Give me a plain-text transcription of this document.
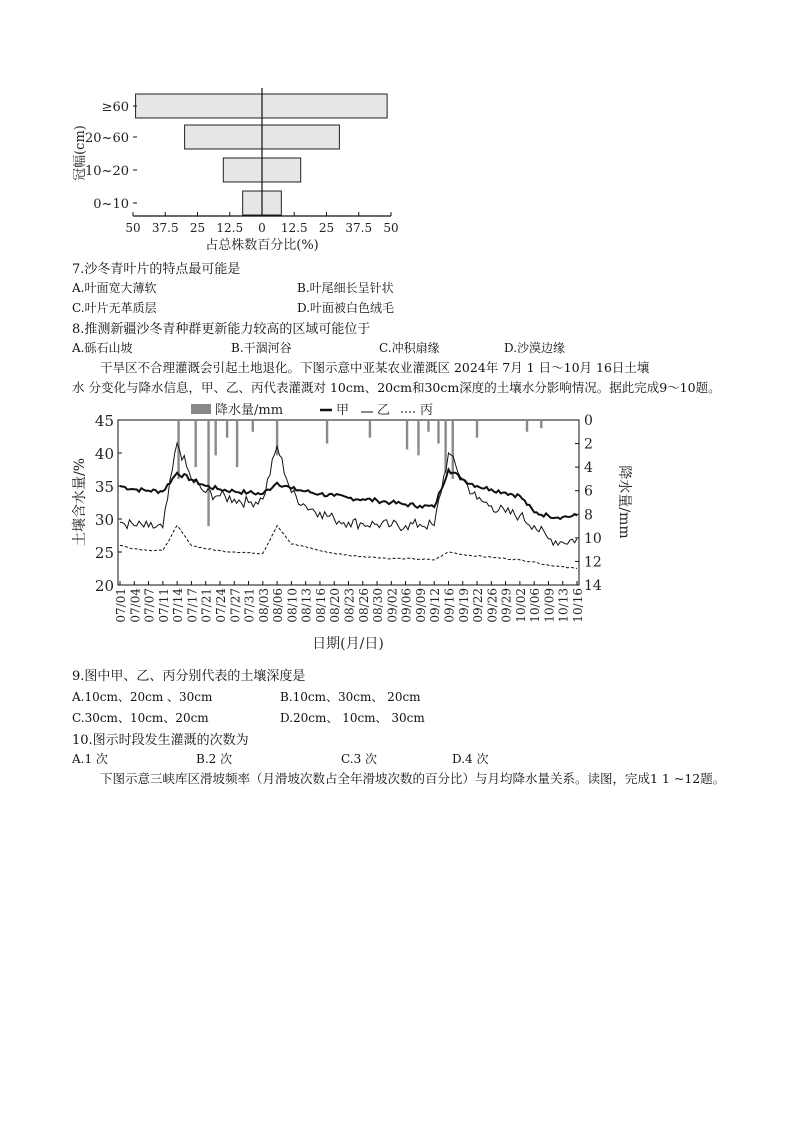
50 37.5 25 12.5 0 12.5 25 37.5 50
≥60
20~60
10~20
0~10
冠幅(cm)
占总株数百分比(%)
7.沙冬青叶片的特点最可能是
A.叶面宽大薄软	B.叶尾细长呈针状
C.叶片无革质层	D.叶面被白色绒毛
8.推测新疆沙冬青种群更新能力较高的区域可能位于
A.砾石山坡	B.干涸河谷	C.冲积扇缘	D.沙漠边缘
干旱区不合理灌溉会引起土地退化。下图示意中亚某农业灌溉区 2024年 7月 1 日～10月 16日土壤
水 分变化与降水信息，甲、乙、丙代表灌溉对 10cm、20cm和30cm深度的土壤水分影响情况。据此完成9～10题。
降水量/mm	甲 乙 丙
20
25
30
35
40
45	0
2
4
6
8
10
12
14
07/01 07/04 07/07 07/11 07/14 07/17 07/21 07/24 07/27 07/31 08/03 08/06 08/10 08/13 08/16 08/20 08/23 08/26 08/30 09/02 09/06 09/09 09/12 09/16 09/19 09/22 09/26 09/29 10/02 10/06 10/09 10/13 10/16
土壤含水量/%	降水量/mm
日期(月/日)
9.图中甲、乙、丙分别代表的土壤深度是
A.10cm、20cm 、30cm	B.10cm、30cm、 20cm
C.30cm、10cm、20cm	D.20cm、 10cm、 30cm
10.图示时段发生灌溉的次数为
A.1 次	B.2 次	C.3 次	D.4 次
下图示意三峡库区滑坡频率（月滑坡次数占全年滑坡次数的百分比）与月均降水量关系。读图，完成1 1 ~12题。
